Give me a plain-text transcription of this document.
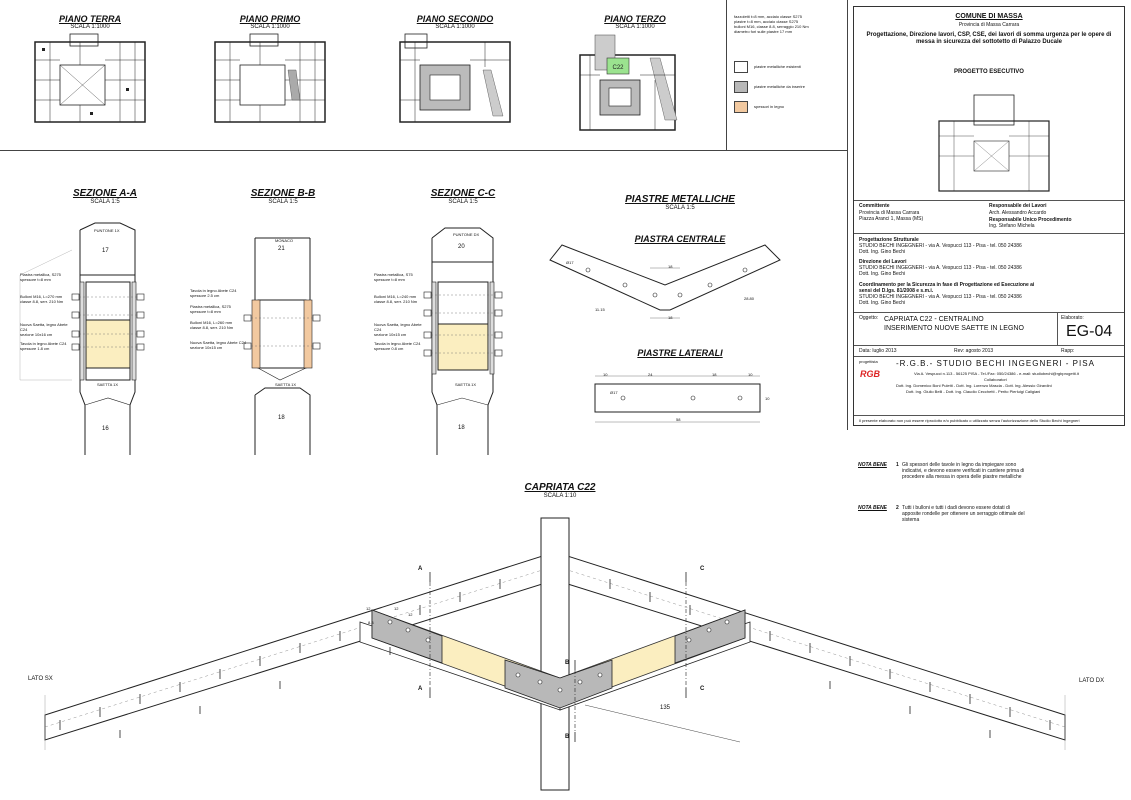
PIANO TERRA
SCALA 1:1000
PIANO PRIMO
SCALA 1:1000
PIANO SECONDO
SCALA 1:1000
PIANO TERZO
SCALA 1:1000
C22
fazzoletti t=8 mm, acciaio classe S275
piastre t=8 mm, acciaio classe S275
bulloni M16, classe 8.8, serraggio 210 Nm
diametro fori sulle piastre 17 mm
piastre metalliche esistenti
piastre metalliche da inserire
spessori in legno
COMUNE DI MASSA
Provincia di Massa Carrara
Progettazione, Direzione lavori, CSP, CSE, dei lavori di somma urgenza per le opere di messa in sicurezza del sottotetto di Palazzo Ducale
PROGETTO ESECUTIVO
Committente
Provincia di Massa Carrara
Piazza Aranci 1, Massa (MS)
Responsabile dei Lavori
Arch. Alessandro Accardo
Responsabile Unico Procedimento
Ing. Stefano Michela
Progettazione Strutturale
STUDIO BECHI INGEGNERI - via A. Vespucci 113 - Pisa - tel. 050 24386
Dott. Ing. Gino Bechi
Direzione dei Lavori
STUDIO BECHI INGEGNERI - via A. Vespucci 113 - Pisa - tel. 050 24386
Dott. Ing. Gino Bechi
Coordinamento per la Sicurezza in fase di Progettazione ed Esecuzione ai sensi del D.lgs. 81/2008 e s.m.i.
STUDIO BECHI INGEGNERI - via A. Vespucci 113 - Pisa - tel. 050 24386
Dott. Ing. Gino Bechi
Oggetto: CAPRIATA C22 - CENTRALINO
INSERIMENTO NUOVE SAETTE IN LEGNO
Elaborato:
EG-04
Data: luglio 2013	Rev: agosto 2013	Rapp:
progettista -R.G.B.- STUDIO BECHI INGEGNERI - PISA
RGB	Via A. Vespucci n.113 - 56125 PISA - Tel./Fax: 050/24386 - e-mail: studiobechi@rgbprogetti.it
Collaboratori
Dott. Ing. Domenico Boni Puletti - Dott. Ing. Lorenzo Mascia - Dott. Ing. Alessio Girardini
Dott. Ing. Giulio Belli - Dott. Ing. Claudio Cecchetti - Perito Pierluigi Caligiani
Il presente elaborato non può essere riprodotto e/o pubblicato o utilizzato senza l'autorizzazione dello Studio Bechi Ingegneri
SEZIONE A-A
SCALA 1:5
SEZIONE B-B
SCALA 1:5
SEZIONE C-C
SCALA 1:5
PUNTONE 1X
17
SAETTA 1X
16
Piastra metallica, S275
spessore t=8 mm
Bulloni M16, L=270 mm
classe 8.8, serr. 210 Nm
Nuova Saetta, legno Abete C24
sezione 10x16 cm
Tavola in legno Abete C24
spessore 1.8 cm
MONACO
21
SAETTA 1X
18
Tavola in legno Abete C24
spessore 2.5 cm
Piastra metallica, S275
spessore t=8 mm
Bulloni M16, L=260 mm
classe 8.8, serr. 210 Nm
Nuova Saetta, legno Abete C24
sezione 10x15 cm
PUNTONE DX
20
SAETTA 1X
18
Piastra metallica, S75
spessore t=8 mm
Bulloni M16, L=240 mm
classe 8.8, serr. 210 Nm
Nuova Saetta, legno Abete C24
sezione 10x15 cm
Tavola in legno Abete C24
spessore 0.8 cm
PIASTRE METALLICHE
SCALA 1:5
PIASTRA CENTRALE
Ø17
18
18
28.80
11.15
PIASTRE LATERALI
10	24	18	10
58
10
Ø17
NOTA BENE 1 Gli spessori delle tavole in legno da impiegare sono indicativi, e devono essere verificati in cantiere prima di procedere alla messa in opera delle piastre metalliche
NOTA BENE 2 Tutti i bulloni e tutti i dadi devono essere dotati di apposite rondelle per ottenere un serraggio ottimale del sistema
CAPRIATA C22
SCALA 1:10
LATO SX	LATO DX
135
12	12
12
8.3
A
A
B
B
C
C
